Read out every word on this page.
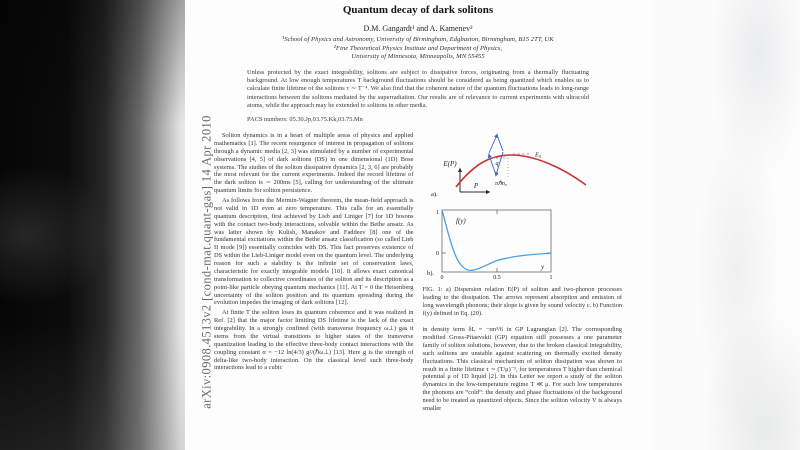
Quantum decay of dark solitons
D.M. Gangardt¹ and A. Kamenev²
¹School of Physics and Astronomy, University of Birmingham, Edgbaston, Birmingham, B15 2TT, UK
²Fine Theoretical Physics Institute and Department of Physics,
University of Minnesota, Minneapolis, MN 55455
Unless protected by the exact integrability, solitons are subject to dissipative forces, originating from a thermally fluctuating background. At low enough temperatures T background fluctuations should be considered as being quantized which enables us to calculate finite lifetime of the solitons τ ∼ T⁻⁴. We also find that the coherent nature of the quantum fluctuations leads to long-range interactions between the solitons mediated by the superradiation. Our results are of relevance to current experiments with ultracold atoms, while the approach may be extended to solitons in other media.
PACS numbers: 05.30.Jp,03.75.Kk,03.75.Mn

Soliton dynamics is in a heart of multiple areas of physics and applied mathematics [1]. The recent resurgence of interest in propagation of solitons through a dynamic media [2, 3] was stimulated by a number of experimental observations [4, 5] of dark solitons (DS) in one dimensional (1D) Bose systems. The studies of the soliton dissipative dynamics [2, 3, 6] are probably the most relevant for the current experiments. Indeed the record lifetime of the dark soliton is ∼ 200ms [5], calling for understanding of the ultimate quantum limits for soliton persistence.

As follows from the Mermin-Wagner theorem, the mean-field approach is not valid in 1D even at zero temperature. This calls for an essentially quantum description, first achieved by Lieb and Liniger [7] for 1D bosons with the contact two-body interactions, solvable within the Bethe ansatz. As was latter shown by Kulish, Manakov and Faddeev [8] one of the fundamental excitations within the Bethe ansatz classification (so called Lieb II mode [9]) essentially coincides with DS. This fact preserves existence of DS within the Lieb-Liniger model even on the quantum level. The underlying reason for such a stability is the infinite set of conservation laws, characteristic for exactly integrable models [10]. It allows exact canonical transformation to collective coordinates of the soliton and its description as a point-like particle obeying quantum mechanics [11]. At T = 0 the Heisenberg uncertainty of the soliton position and its quantum spreading during the evolution impedes the imaging of dark solitons [12].

At finite T the soliton loses its quantum coherence and it was realized in Ref. [2] that the major factor limiting DS lifetime is the lack of the exact integrability. In a strongly confined (with transverse frequency ω⊥) gas it stems from the virtual transitions to higher states of the transverse quantization leading to the effective three-body contact interactions with the coupling constant α = −12 ln(4/3) g²/(ℏω⊥) [13]. Here g is the strength of delta-like two-body interaction. On the classical level such three-body interactions lead to a cubic

E(P)
P
a).
E₀
πℏn₀
q
1
0
0	0.5	1
f(y)
y
b).
FIG. 1: a) Dispersion relation E(P) of soliton and two-phonon processes leading to the dissipation. The arrows represent absorption and emission of long wavelength phonons; their slope is given by sound velocity c. b) Function f(y) defined in Eq. (20).

in density term δL = −αn³/6 in GP Lagrangian [2]. The corresponding modified Gross-Pitaevskii (GP) equation still possesses a one parameter family of soliton solutions, however, due to the broken classical integrability, such solitons are unstable against scattering on thermally excited density fluctuations. This classical mechanism of soliton dissipation was shown to result in a finite lifetime τ ∼ (T/μ)⁻¹, for temperatures T higher than chemical potential μ of 1D liquid [2]. In this Letter we report a study of the soliton dynamics in the low-temperature regime T ≪ μ. For such low temperatures the phonons are “cold”: the density and phase fluctuations of the background need to be treated as quantized objects. Since the soliton velocity V is always smaller

arXiv:0908.4513v2 [cond-mat.quant-gas] 14 Apr 2010
